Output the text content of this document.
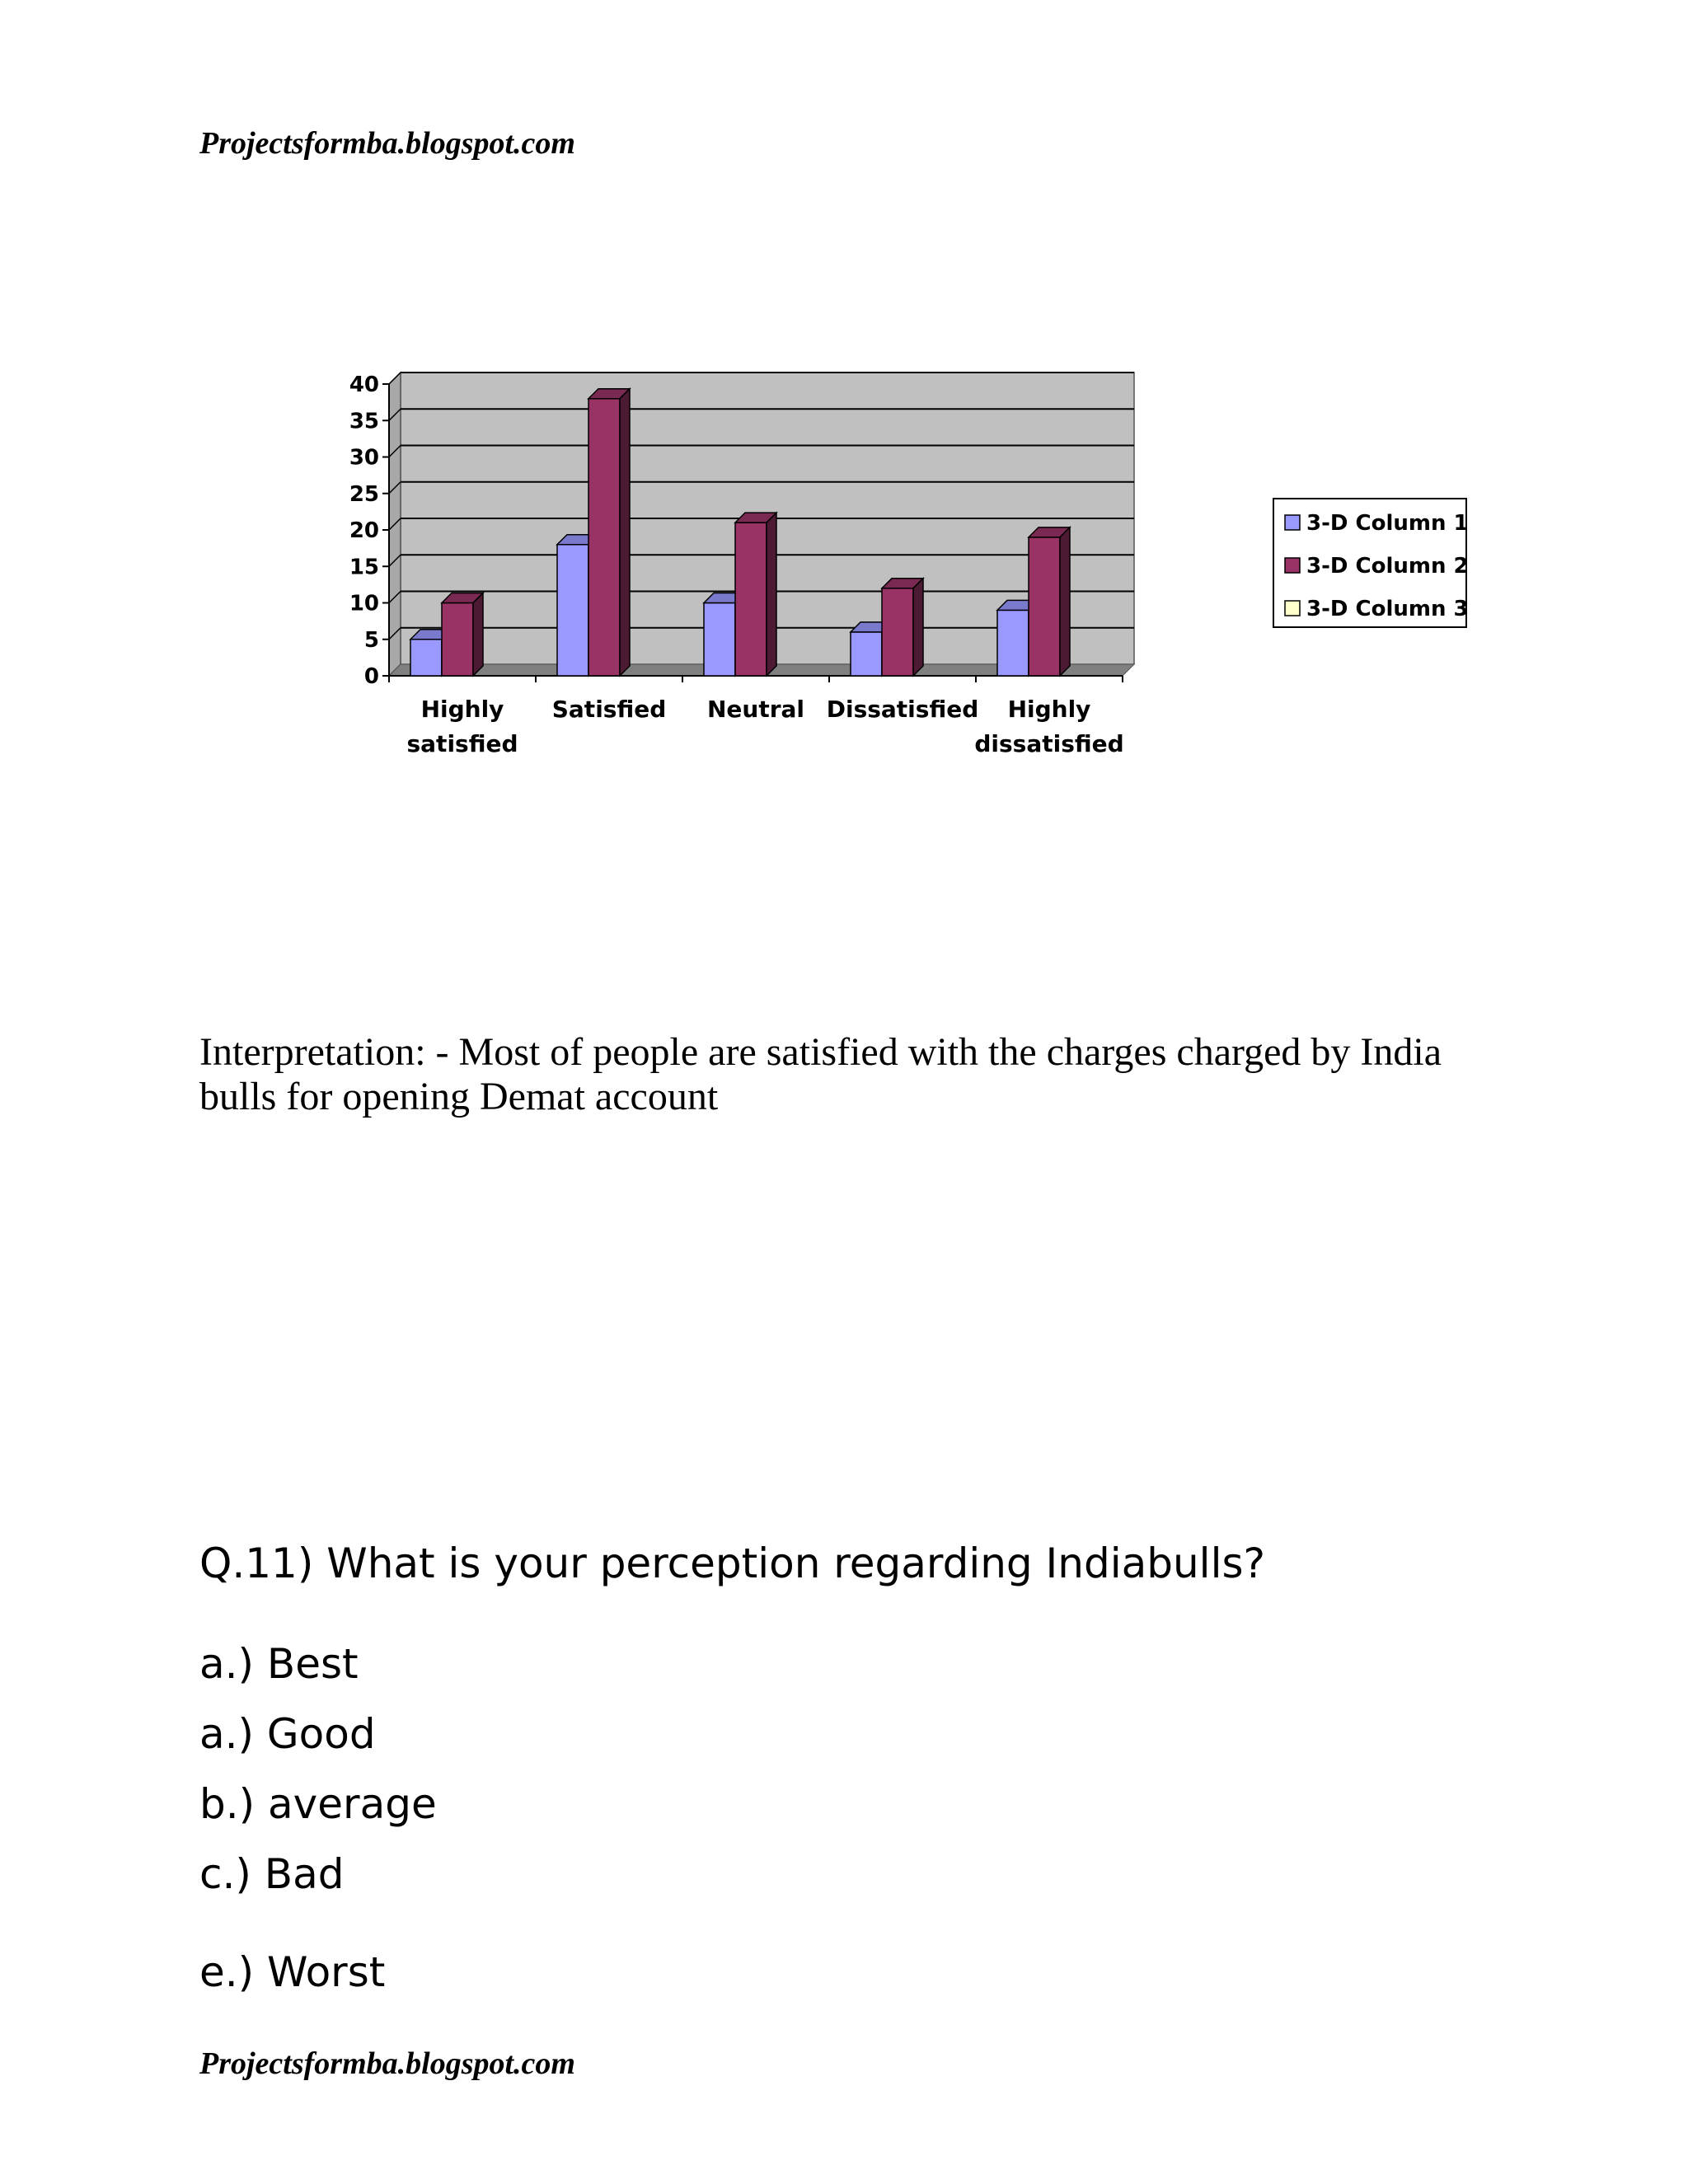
Projectsformba.blogspot.com

0
5
10
15
20
25
30
35
40
Highly
satisfied
Satisfied Neutral Dissatisfied Highly
dissatisfied
3-D Column 1
3-D Column 2
3-D Column 3

Interpretation: - Most of people are satisfied with the charges charged by India bulls for opening Demat account

Q.11) What is your perception regarding Indiabulls?

a.) Best

a.) Good

b.) average

c.) Bad

e.) Worst

Projectsformba.blogspot.com
